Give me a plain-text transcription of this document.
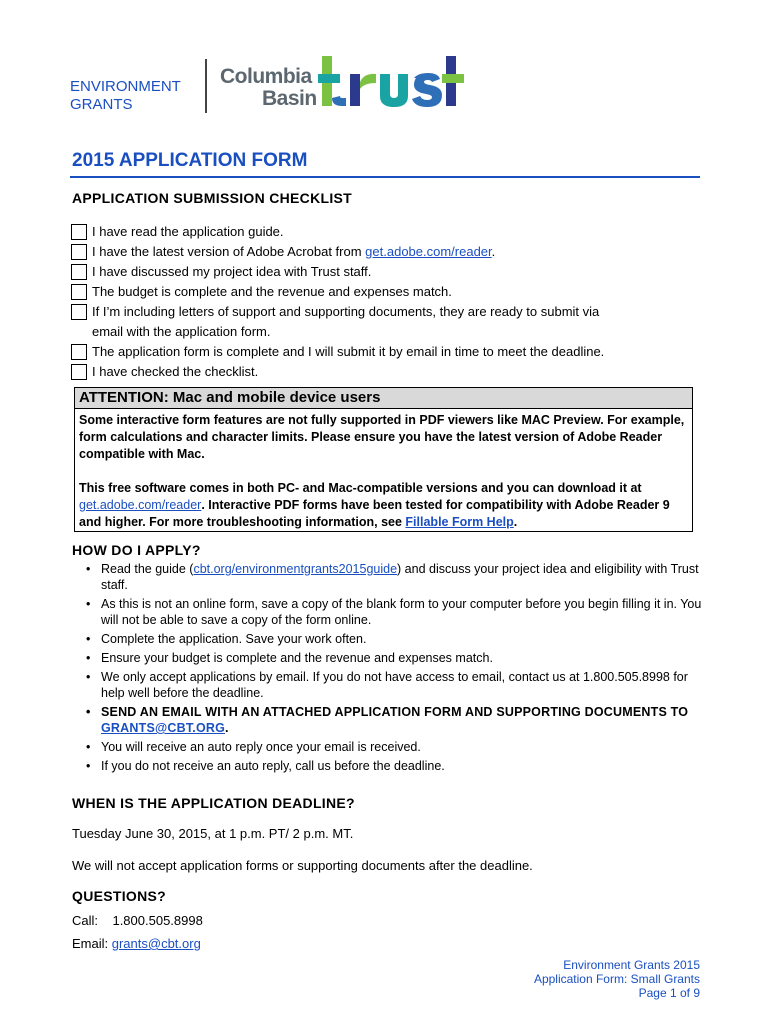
ENVIRONMENT
GRANTS
Columbia
Basin
2015 APPLICATION FORM
APPLICATION SUBMISSION CHECKLIST
I have read the application guide.
I have the latest version of Adobe Acrobat from get.adobe.com/reader.
I have discussed my project idea with Trust staff.
The budget is complete and the revenue and expenses match.
If I’m including letters of support and supporting documents, they are ready to submit via
email with the application form.
The application form is complete and I will submit it by email in time to meet the deadline.
I have checked the checklist.
ATTENTION: Mac and mobile device users

Some interactive form features are not fully supported in PDF viewers like MAC Preview. For example, form calculations and character limits. Please ensure you have the latest version of Adobe Reader compatible with Mac.

This free software comes in both PC- and Mac-compatible versions and you can download it at get.adobe.com/reader. Interactive PDF forms have been tested for compatibility with Adobe Reader 9 and higher. For more troubleshooting information, see Fillable Form Help.

HOW DO I APPLY?
• Read the guide (cbt.org/environmentgrants2015guide) and discuss your project idea and eligibility with Trust staff.
• As this is not an online form, save a copy of the blank form to your computer before you begin filling it in. You will not be able to save a copy of the form online.
• Complete the application. Save your work often.
• Ensure your budget is complete and the revenue and expenses match.
• We only accept applications by email. If you do not have access to email, contact us at 1.800.505.8998 for help well before the deadline.
• SEND AN EMAIL WITH AN ATTACHED APPLICATION FORM AND SUPPORTING DOCUMENTS TO GRANTS@CBT.ORG.
• You will receive an auto reply once your email is received.
• If you do not receive an auto reply, call us before the deadline.
WHEN IS THE APPLICATION DEADLINE?

Tuesday June 30, 2015, at 1 p.m. PT/ 2 p.m. MT.

We will not accept application forms or supporting documents after the deadline.

QUESTIONS?

Call: 1.800.505.8998

Email: grants@cbt.org

Environment Grants 2015
Application Form: Small Grants
Page 1 of 9
